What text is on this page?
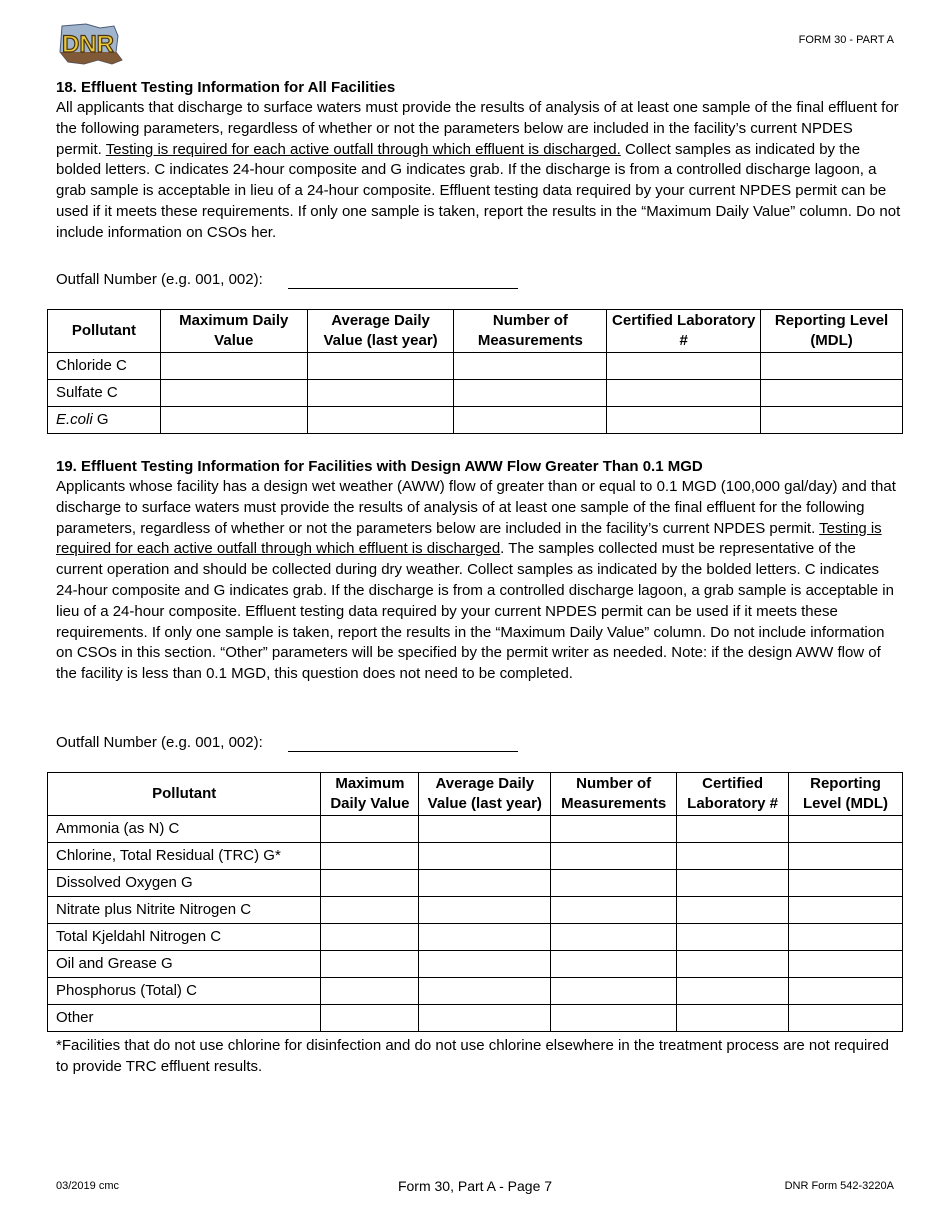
DNR	FORM 30 - PART A
18. Effluent Testing Information for All Facilities

All applicants that discharge to surface waters must provide the results of analysis of at least one sample of the final effluent for the following parameters, regardless of whether or not the parameters below are included in the facility’s current NPDES permit. Testing is required for each active outfall through which effluent is discharged. Collect samples as indicated by the bolded letters. C indicates 24-hour composite and G indicates grab. If the discharge is from a controlled discharge lagoon, a grab sample is acceptable in lieu of a 24-hour composite. Effluent testing data required by your current NPDES permit can be used if it meets these requirements. If only one sample is taken, report the results in the “Maximum Daily Value” column. Do not include information on CSOs her.

Outfall Number (e.g. 001, 002):
Pollutant	Maximum Daily Value	Average Daily Value (last year)	Number of Measurements	Certified Laboratory #	Reporting Level (MDL)
Chloride C					
Sulfate C					
E.coli G					
19. Effluent Testing Information for Facilities with Design AWW Flow Greater Than 0.1 MGD

Applicants whose facility has a design wet weather (AWW) flow of greater than or equal to 0.1 MGD (100,000 gal/day) and that discharge to surface waters must provide the results of analysis of at least one sample of the final effluent for the following parameters, regardless of whether or not the parameters below are included in the facility’s current NPDES permit. Testing is required for each active outfall through which effluent is discharged. The samples collected must be representative of the current operation and should be collected during dry weather. Collect samples as indicated by the bolded letters. C indicates 24-hour composite and G indicates grab. If the discharge is from a controlled discharge lagoon, a grab sample is acceptable in lieu of a 24-hour composite. Effluent testing data required by your current NPDES permit can be used if it meets these requirements. If only one sample is taken, report the results in the “Maximum Daily Value” column. Do not include information on CSOs in this section. “Other” parameters will be specified by the permit writer as needed. Note: if the design AWW flow of the facility is less than 0.1 MGD, this question does not need to be completed.

Outfall Number (e.g. 001, 002):
Pollutant	Maximum Daily Value	Average Daily Value (last year)	Number of Measurements	Certified Laboratory #	Reporting Level (MDL)
Ammonia (as N) C					
Chlorine, Total Residual (TRC) G*					
Dissolved Oxygen G					
Nitrate plus Nitrite Nitrogen C					
Total Kjeldahl Nitrogen C					
Oil and Grease G					
Phosphorus (Total) C					
Other					
*Facilities that do not use chlorine for disinfection and do not use chlorine elsewhere in the treatment process are not required to provide TRC effluent results.
03/2019 cmc	Form 30, Part A - Page 7	DNR Form 542-3220A
